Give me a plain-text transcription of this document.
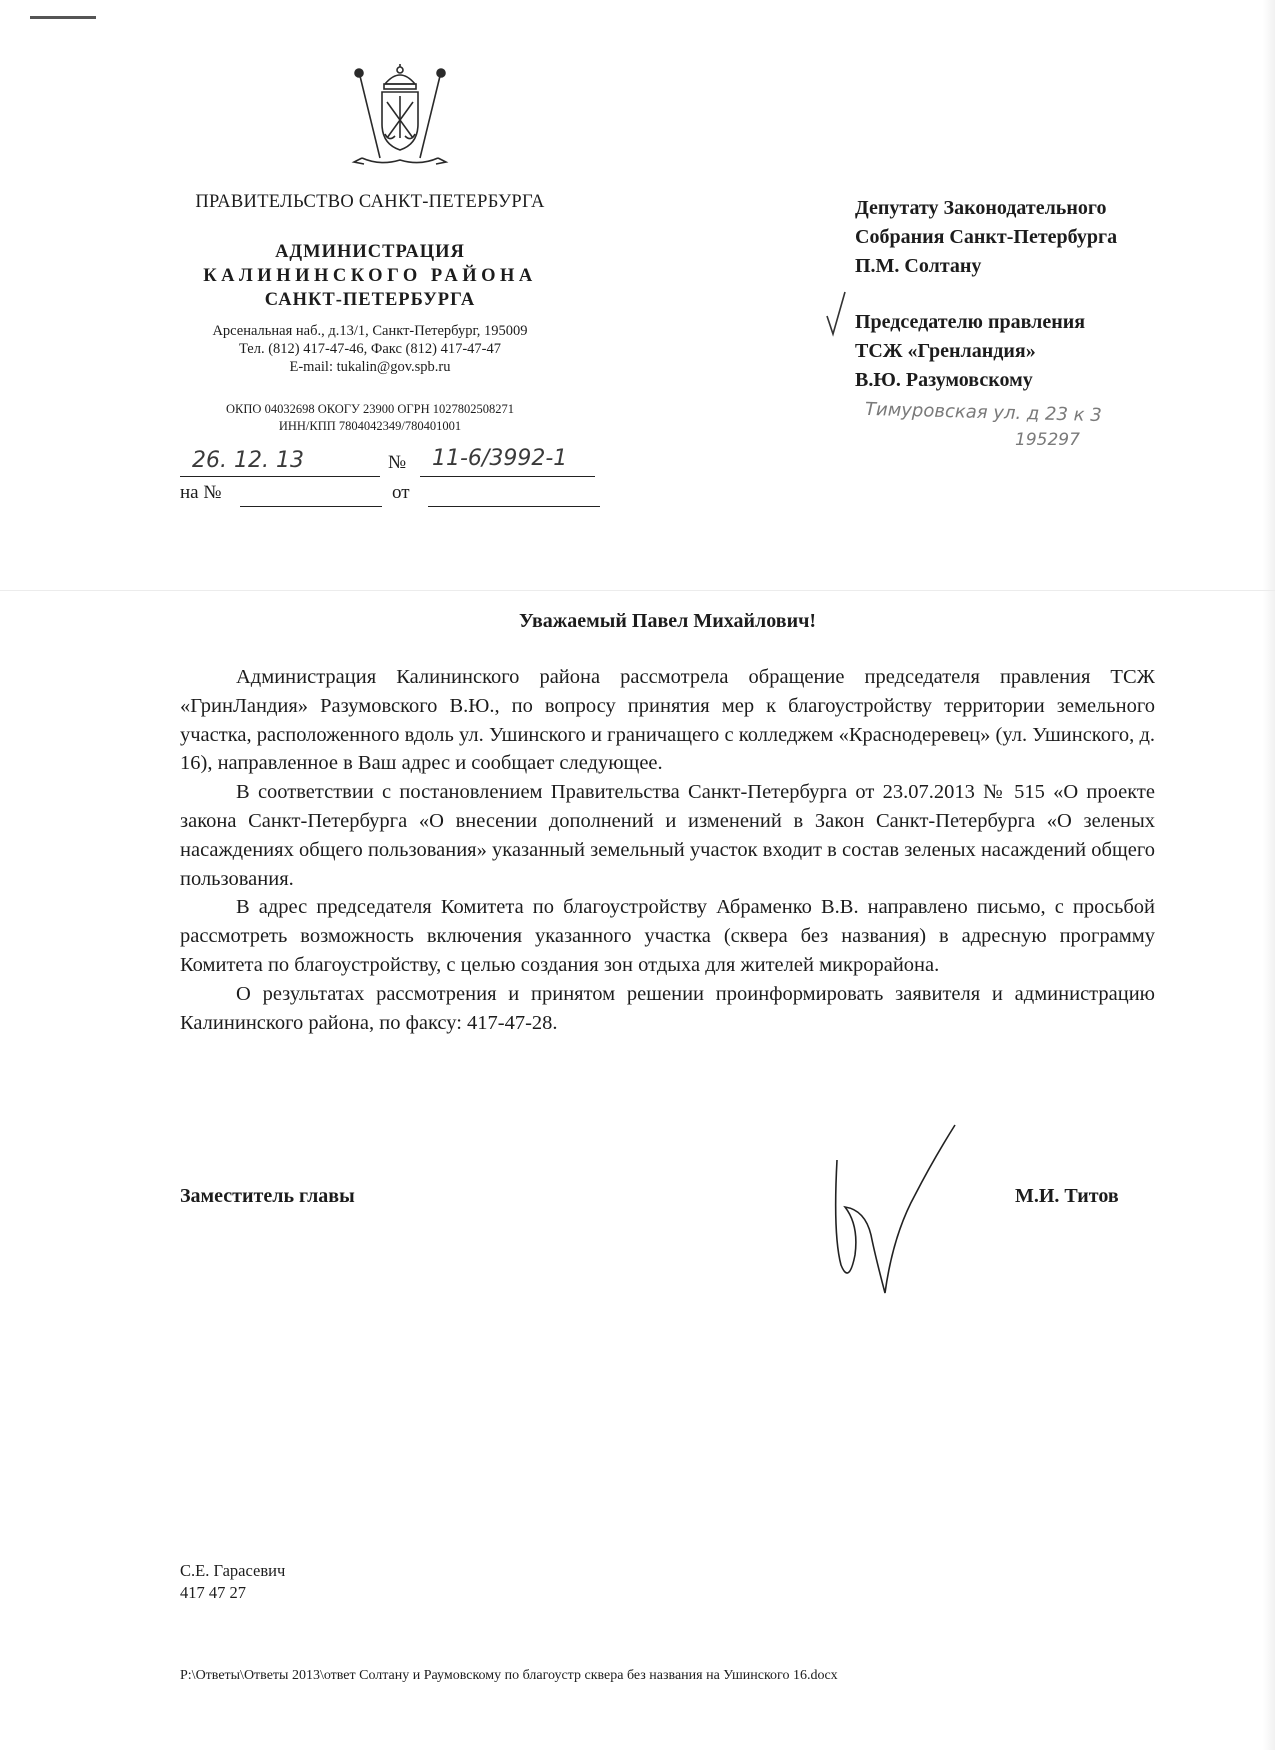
ПРАВИТЕЛЬСТВО САНКТ-ПЕТЕРБУРГА
АДМИНИСТРАЦИЯ
КАЛИНИНСКОГО РАЙОНА
САНКТ-ПЕТЕРБУРГА
Арсенальная наб., д.13/1, Санкт-Петербург, 195009
Тел. (812) 417-47-46, Факс (812) 417-47-47
E-mail: tukalin@gov.spb.ru
ОКПО 04032698 ОКОГУ 23900 ОГРН 1027802508271
ИНН/КПП 7804042349/780401001
26. 12. 13	№ 11-6/3992-1
на №	от
Депутату Законодательного
Собрания Санкт-Петербурга
П.М. Солтану
Председателю правления
ТСЖ «Гренландия»
В.Ю. Разумовскому
Тимуровская ул. д 23 к 3
195297
Уважаемый Павел Михайлович!

Администрация Калининского района рассмотрела обращение председателя правления ТСЖ «ГринЛандия» Разумовского В.Ю., по вопросу принятия мер к благоустройству территории земельного участка, расположенного вдоль ул. Ушинского и граничащего с колледжем «Краснодеревец» (ул. Ушинского, д. 16), направленное в Ваш адрес и сообщает следующее.

В соответствии с постановлением Правительства Санкт-Петербурга от 23.07.2013 № 515 «О проекте закона Санкт-Петербурга «О внесении дополнений и изменений в Закон Санкт-Петербурга «О зеленых насаждениях общего пользования» указанный земельный участок входит в состав зеленых насаждений общего пользования.

В адрес председателя Комитета по благоустройству Абраменко В.В. направлено письмо, с просьбой рассмотреть возможность включения указанного участка (сквера без названия) в адресную программу Комитета по благоустройству, с целью создания зон отдыха для жителей микрорайона.

О результатах рассмотрения и принятом решении проинформировать заявителя и администрацию Калининского района, по факсу: 417-47-28.

Заместитель главы	М.И. Титов
С.Е. Гарасевич
417 47 27
P:\Ответы\Ответы 2013\ответ Солтану и Раумовскому по благоустр сквера без названия на Ушинского 16.docx
